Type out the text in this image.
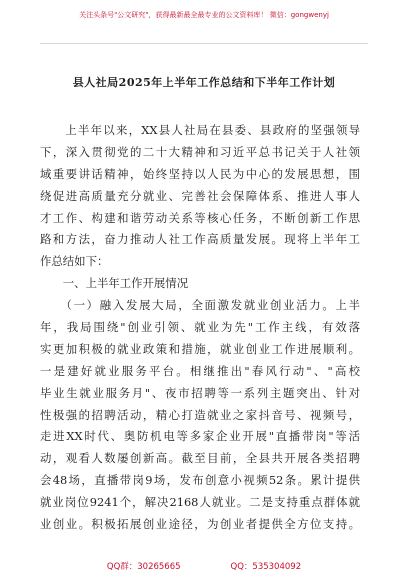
关注头条号"公文研究"，获得最新最全最专业的公文资料库！ 微信：gongwenyj
县人社局2025年上半年工作总结和下半年工作计划
　　上半年以来，XX县人社局在县委、县政府的坚强领导
下，深入贯彻党的二十大精神和习近平总书记关于人社领
域重要讲话精神，始终坚持以人民为中心的发展思想，围
绕促进高质量充分就业、完善社会保障体系、推进人事人
才工作、构建和谐劳动关系等核心任务，不断创新工作思
路和方法，奋力推动人社工作高质量发展。现将上半年工
作总结如下：
　　一、上半年工作开展情况
　　（一）融入发展大局，全面激发就业创业活力。上半
年，我局围绕"创业引领、就业为先"工作主线，有效落
实更加积极的就业政策和措施，就业创业工作进展顺利。
一是建好就业服务平台。相继推出"春风行动"、"高校
毕业生就业服务月"、夜市招聘等一系列主题突出、针对
性极强的招聘活动，精心打造就业之家抖音号、视频号，
走进XX时代、奥防机电等多家企业开展"直播带岗"等活
动，观看人数屡创新高。截至目前，全县共开展各类招聘
会48场，直播带岗9场，发布创意小视频52条。累计提供
就业岗位9241个，解决2168人就业。二是支持重点群体就
业创业。积极拓展创业途径，为创业者提供全方位支持。
QQ群：30265665	QQ：535304092
